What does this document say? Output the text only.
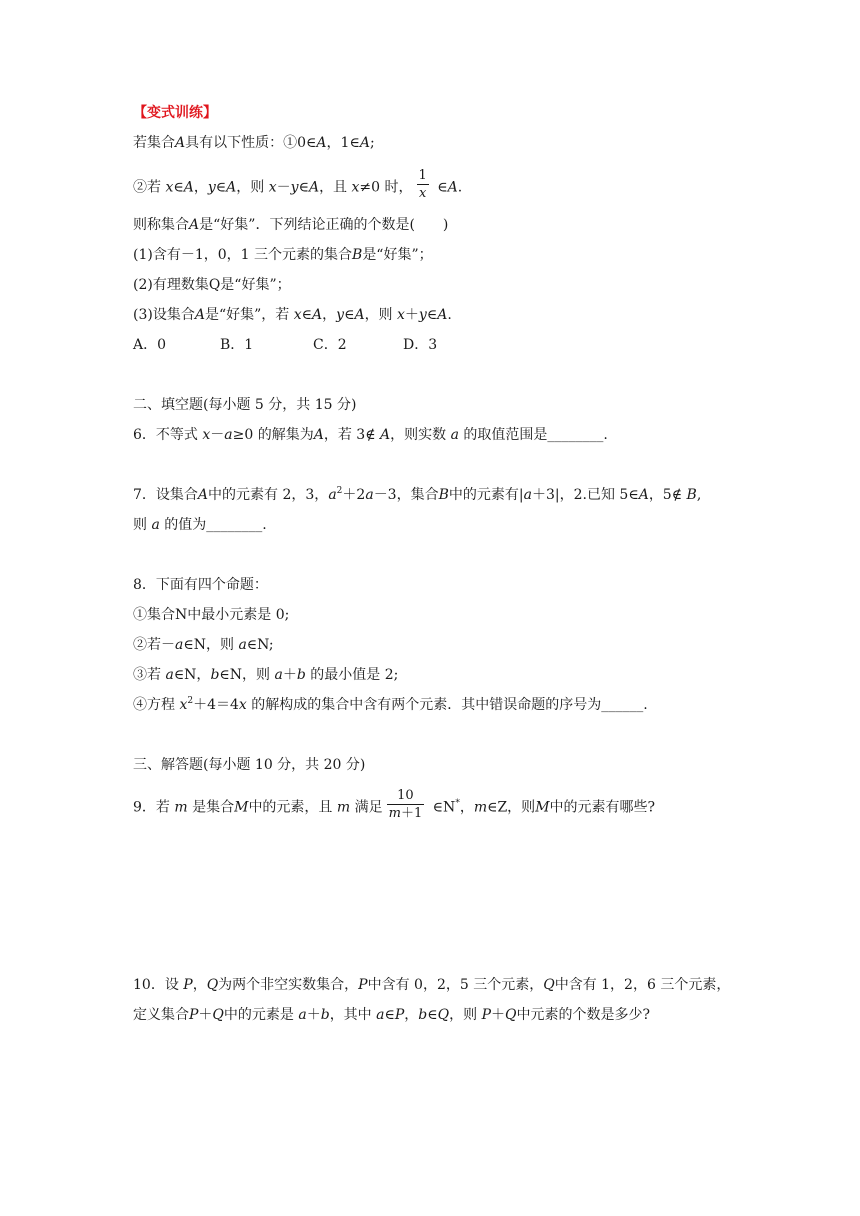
【变式训练】
若集合A具有以下性质：①0∈A，1∈A;
②若 x∈A，y∈A，则 x－y∈A，且 x≠0 时， $\frac{1}{x}$ ∈A.
则称集合A是“好集”．下列结论正确的个数是(　　)
(1)含有－1，0，1 三个元素的集合B是“好集”；
(2)有理数集Q是“好集”；
(3)设集合A是“好集”，若 x∈A，y∈A，则 x＋y∈A.
A．0	B．1	C．2	D．3
二、填空题(每小题 5 分，共 15 分)
6．不等式 x－a≥0 的解集为A，若 3∉ A，则实数 a 的取值范围是________.
7．设集合A中的元素有 2，3，$a^2+2a-3$，集合B中的元素有|a＋3|，2.已知 5∈A，5∉ B,
则 a 的值为________.
8．下面有四个命题：
①集合N中最小元素是 0;
②若－a∈N，则 a∈N;
③若 a∈N，b∈N，则 a＋b 的最小值是 2;
④方程 $x^2+4=4x$ 的解构成的集合中含有两个元素．其中错误命题的序号为______.
三、解答题(每小题 10 分，共 20 分)
9．若 m 是集合M中的元素，且 m 满足 $\frac{10}{m+1}$ ∈N*，m∈Z，则M中的元素有哪些?
10．设 P，Q为两个非空实数集合，P中含有 0，2，5 三个元素，Q中含有 1，2，6 三个元素，
定义集合P＋Q中的元素是 a＋b，其中 a∈P，b∈Q，则 P＋Q中元素的个数是多少?
